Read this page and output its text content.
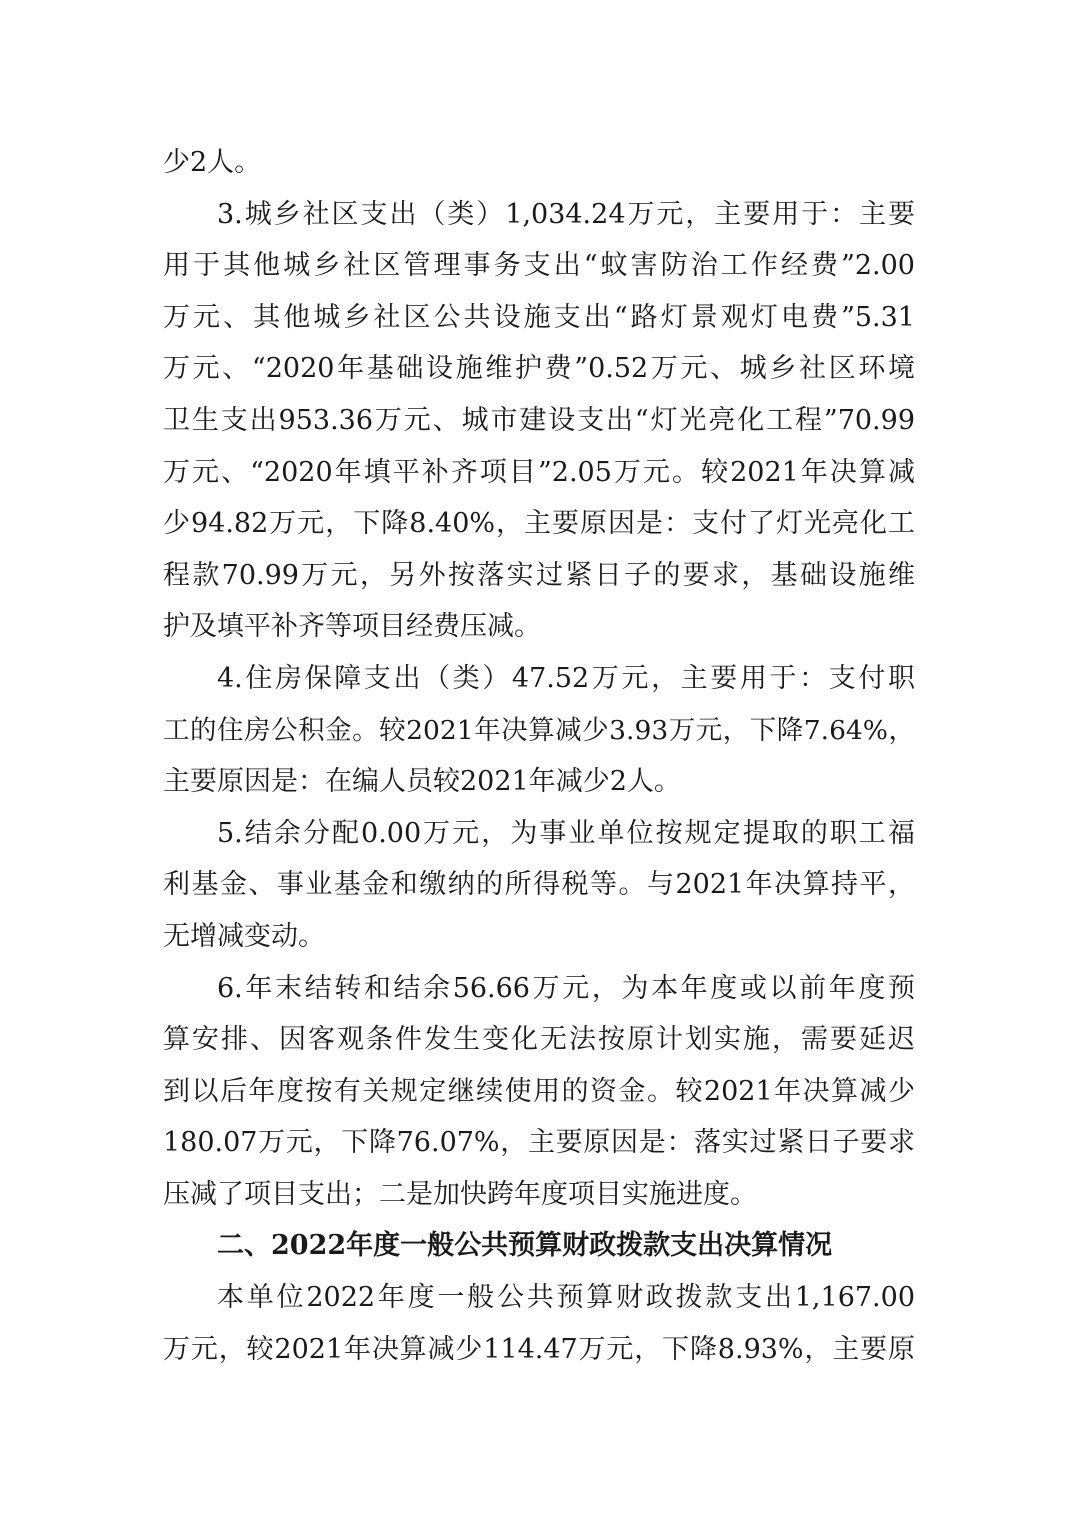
少2人。
3.城乡社区支出（类）1,034.24万元，主要用于：主要
用于其他城乡社区管理事务支出“蚊害防治工作经费”2.00
万元、其他城乡社区公共设施支出“路灯景观灯电费”5.31
万元、“2020年基础设施维护费”0.52万元、城乡社区环境
卫生支出953.36万元、城市建设支出“灯光亮化工程”70.99
万元、“2020年填平补齐项目”2.05万元。较2021年决算减
少94.82万元，下降8.40%，主要原因是：支付了灯光亮化工
程款70.99万元，另外按落实过紧日子的要求，基础设施维
护及填平补齐等项目经费压减。
4.住房保障支出（类）47.52万元，主要用于：支付职
工的住房公积金。较2021年决算减少3.93万元，下降7.64%，
主要原因是：在编人员较2021年减少2人。
5.结余分配0.00万元，为事业单位按规定提取的职工福
利基金、事业基金和缴纳的所得税等。与2021年决算持平，
无增减变动。
6.年末结转和结余56.66万元，为本年度或以前年度预
算安排、因客观条件发生变化无法按原计划实施，需要延迟
到以后年度按有关规定继续使用的资金。较2021年决算减少
180.07万元，下降76.07%，主要原因是：落实过紧日子要求
压减了项目支出；二是加快跨年度项目实施进度。
二、2022年度一般公共预算财政拨款支出决算情况
本单位2022年度一般公共预算财政拨款支出1,167.00
万元，较2021年决算减少114.47万元，下降8.93%，主要原
